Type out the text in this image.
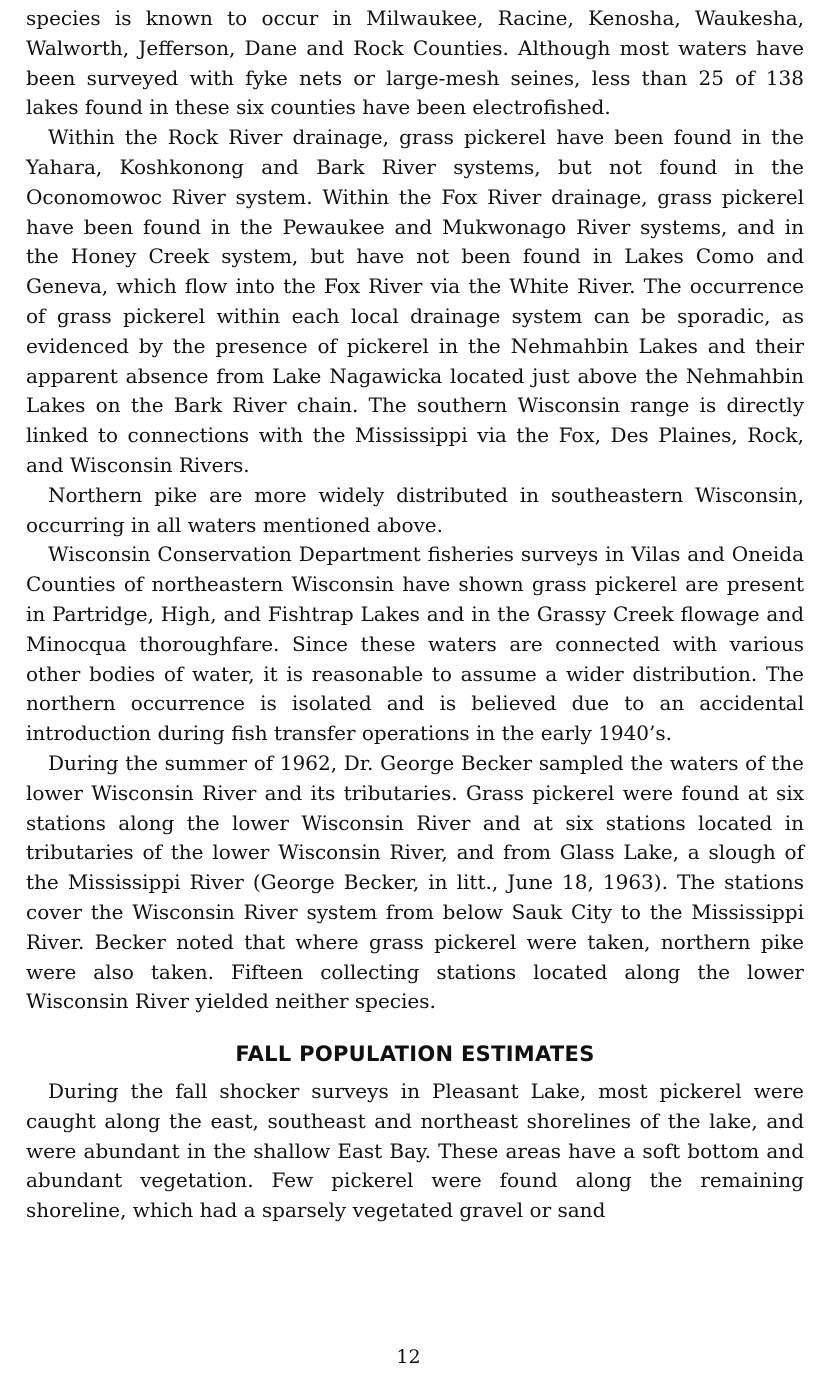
species is known to occur in Milwaukee, Racine, Kenosha, Waukesha, Walworth, Jefferson, Dane and Rock Counties. Although most waters have been surveyed with fyke nets or large-mesh seines, less than 25 of 138 lakes found in these six counties have been electrofished.

Within the Rock River drainage, grass pickerel have been found in the Yahara, Koshkonong and Bark River systems, but not found in the Oconomowoc River system. Within the Fox River drainage, grass pickerel have been found in the Pewaukee and Mukwonago River systems, and in the Honey Creek system, but have not been found in Lakes Como and Geneva, which flow into the Fox River via the White River. The occurrence of grass pickerel within each local drainage system can be sporadic, as evidenced by the presence of pickerel in the Nehmahbin Lakes and their apparent absence from Lake Nagawicka located just above the Nehmahbin Lakes on the Bark River chain. The southern Wisconsin range is directly linked to connections with the Mississippi via the Fox, Des Plaines, Rock, and Wisconsin Rivers.

Northern pike are more widely distributed in southeastern Wisconsin, occurring in all waters mentioned above.

Wisconsin Conservation Department fisheries surveys in Vilas and Oneida Counties of northeastern Wisconsin have shown grass pickerel are present in Partridge, High, and Fishtrap Lakes and in the Grassy Creek flowage and Minocqua thoroughfare. Since these waters are connected with various other bodies of water, it is reasonable to assume a wider distribution. The northern occurrence is isolated and is believed due to an accidental introduction during fish transfer operations in the early 1940’s.

During the summer of 1962, Dr. George Becker sampled the waters of the lower Wisconsin River and its tributaries. Grass pickerel were found at six stations along the lower Wisconsin River and at six stations located in tributaries of the lower Wisconsin River, and from Glass Lake, a slough of the Mississippi River (George Becker, in litt., June 18, 1963). The stations cover the Wisconsin River system from below Sauk City to the Mississippi River. Becker noted that where grass pickerel were taken, northern pike were also taken. Fifteen collecting stations located along the lower Wisconsin River yielded neither species.

FALL POPULATION ESTIMATES

During the fall shocker surveys in Pleasant Lake, most pickerel were caught along the east, southeast and northeast shorelines of the lake, and were abundant in the shallow East Bay. These areas have a soft bottom and abundant vegetation. Few pickerel were found along the remaining shoreline, which had a sparsely vegetated gravel or sand

12
